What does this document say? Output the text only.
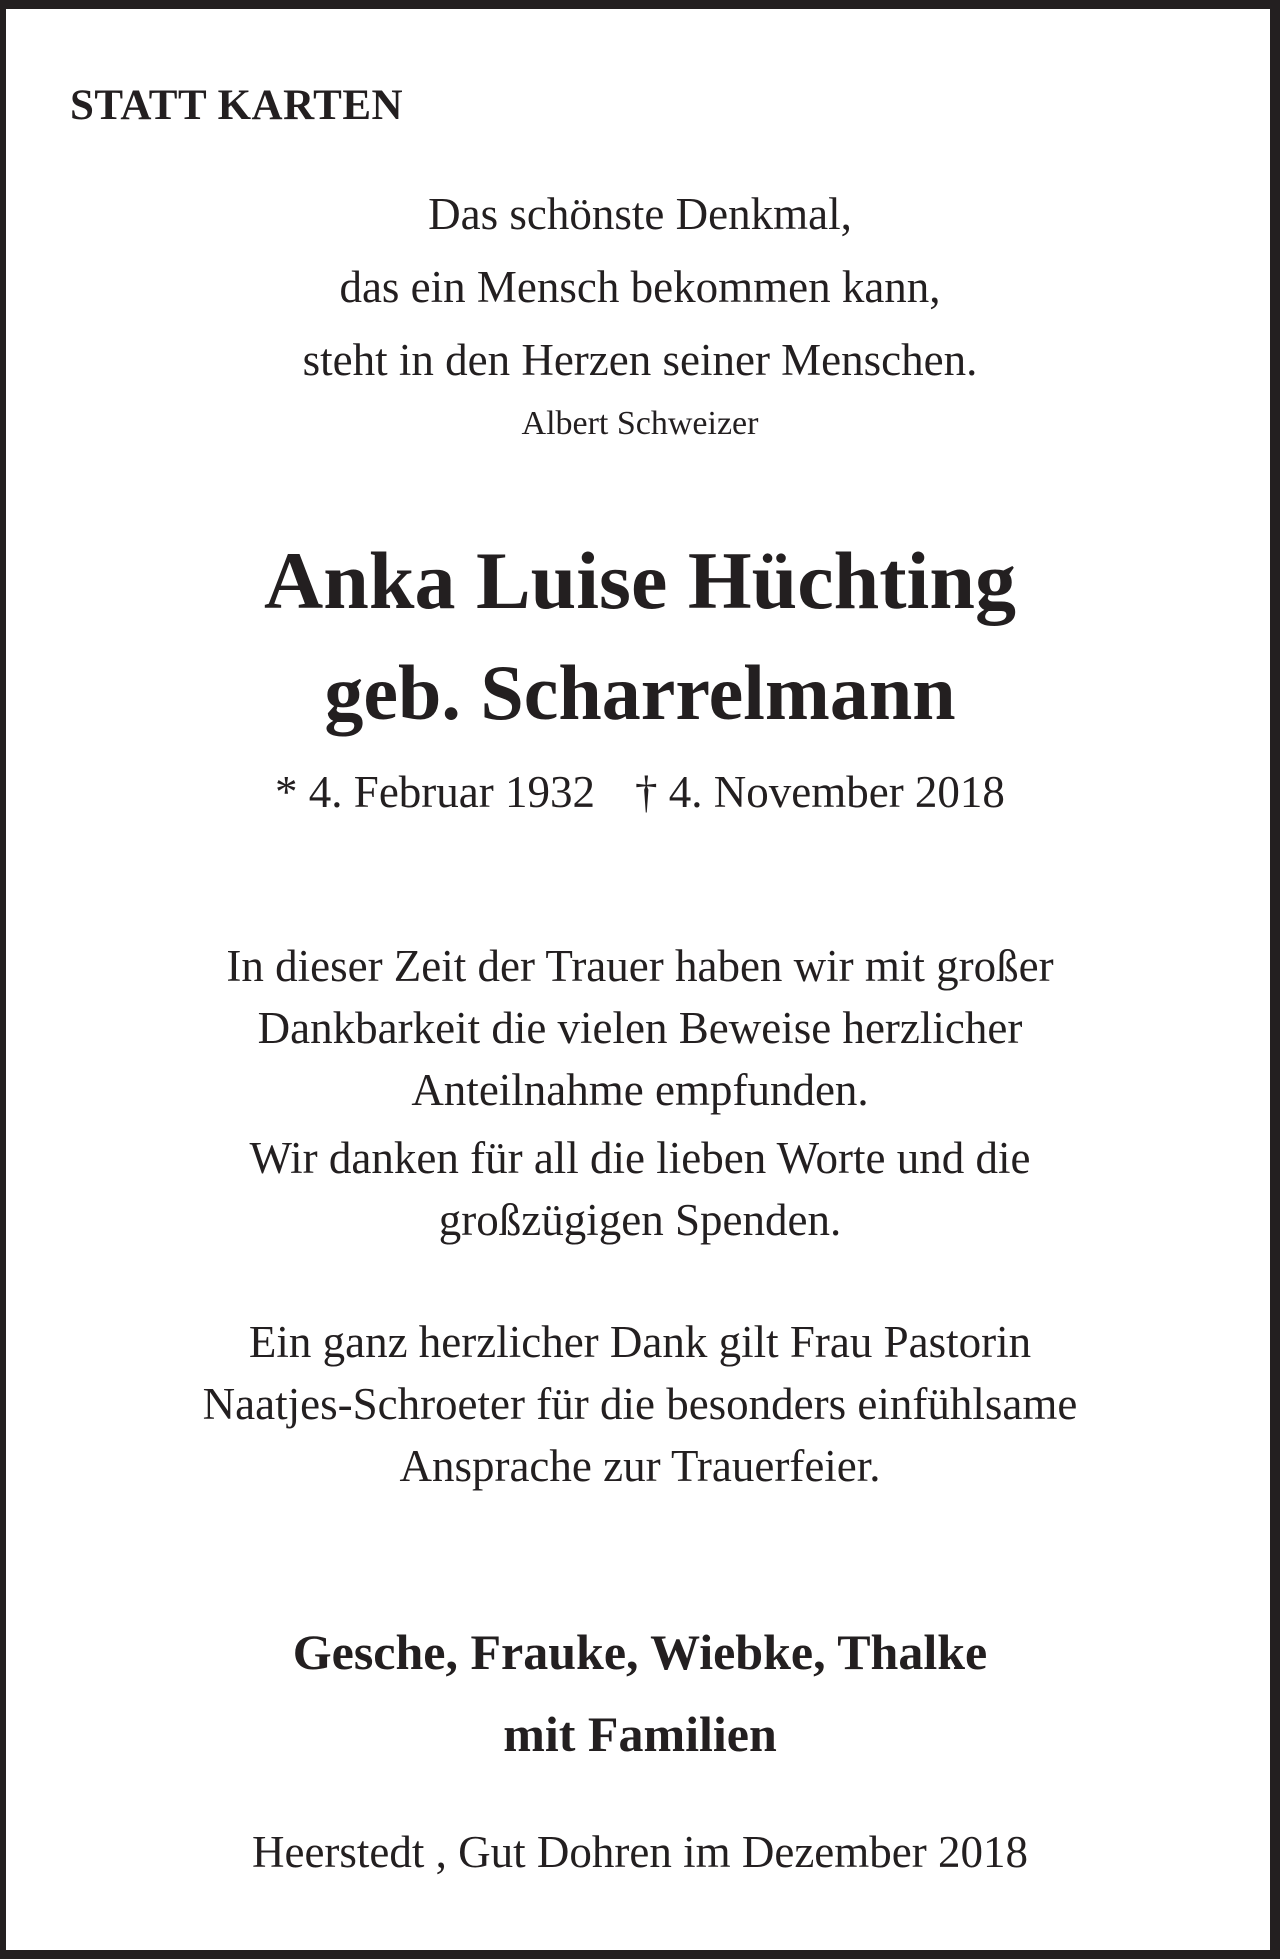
STATT KARTEN

Das schönste Denkmal,

das ein Mensch bekommen kann,

steht in den Herzen seiner Menschen.

Albert Schweizer

Anka Luise Hüchting

geb. Scharrelmann

* 4. Februar 1932 † 4. November 2018

In dieser Zeit der Trauer haben wir mit großer

Dankbarkeit die vielen Beweise herzlicher

Anteilnahme empfunden.

Wir danken für all die lieben Worte und die

großzügigen Spenden.

Ein ganz herzlicher Dank gilt Frau Pastorin

Naatjes-Schroeter für die besonders einfühlsame

Ansprache zur Trauerfeier.

Gesche, Frauke, Wiebke, Thalke

mit Familien

Heerstedt , Gut Dohren im Dezember 2018
